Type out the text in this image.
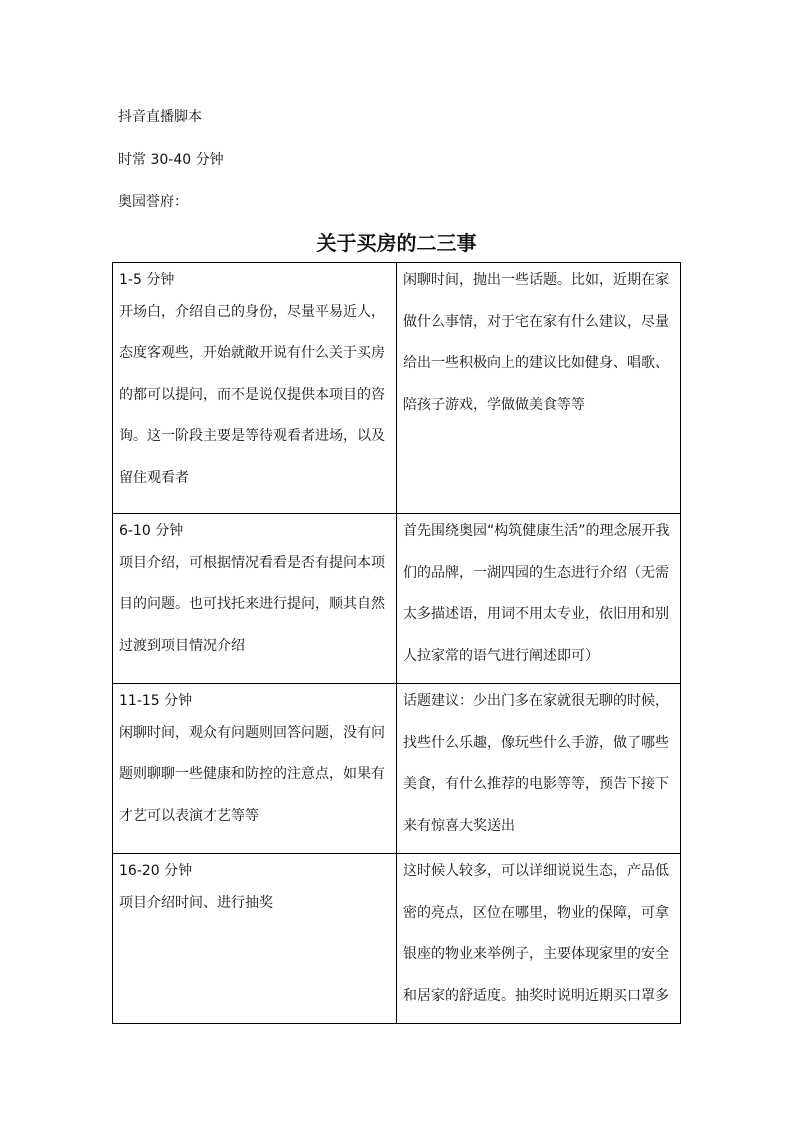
抖音直播脚本
时常 30-40 分钟
奥园誉府：
关于买房的二三事
1-5 分钟
开场白，介绍自己的身份，尽量平易近人，态度客观些，开始就敞开说有什么关于买房的都可以提问，而不是说仅提供本项目的咨询。这一阶段主要是等待观看者进场，以及留住观看者	闲聊时间，抛出一些话题。比如，近期在家做什么事情，对于宅在家有什么建议，尽量给出一些积极向上的建议比如健身、唱歌、陪孩子游戏，学做做美食等等

6-10 分钟
项目介绍，可根据情况看看是否有提问本项目的问题。也可找托来进行提问，顺其自然过渡到项目情况介绍	首先围绕奥园“构筑健康生活”的理念展开我们的品牌，一湖四园的生态进行介绍（无需太多描述语，用词不用太专业，依旧用和别人拉家常的语气进行阐述即可）

11-15 分钟
闲聊时间，观众有问题则回答问题，没有问题则聊聊一些健康和防控的注意点，如果有才艺可以表演才艺等等	话题建议：少出门多在家就很无聊的时候，找些什么乐趣，像玩些什么手游，做了哪些美食，有什么推荐的电影等等，预告下接下来有惊喜大奖送出

16-20 分钟
项目介绍时间、进行抽奖	这时候人较多，可以详细说说生态，产品低密的亮点，区位在哪里，物业的保障，可拿银座的物业来举例子，主要体现家里的安全和居家的舒适度。抽奖时说明近期买口罩多
